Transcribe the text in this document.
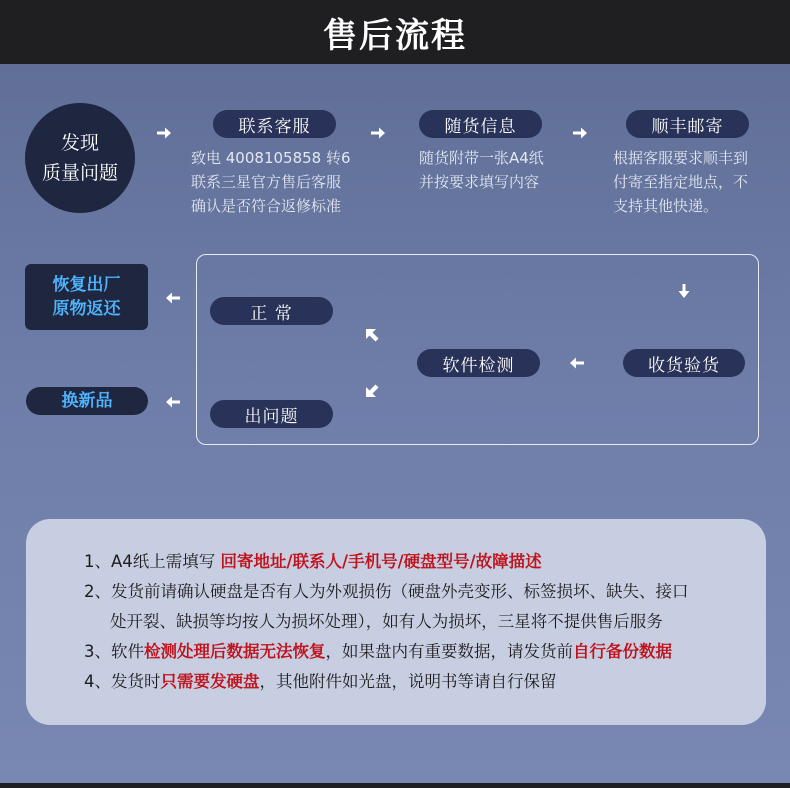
售后流程
发现
质量问题
联系客服
致电 4008105858 转6
联系三星官方售后客服
确认是否符合返修标准
随货信息
随货附带一张A4纸
并按要求填写内容
顺丰邮寄
根据客服要求顺丰到
付寄至指定地点，不
支持其他快递。
收货验货
软件检测
正 常
出问题
恢复出厂
原物返还
换新品
1、A4纸上需填写 回寄地址/联系人/手机号/硬盘型号/故障描述
2、发货前请确认硬盘是否有人为外观损伤（硬盘外壳变形、标签损坏、缺失、接口
处开裂、缺损等均按人为损坏处理），如有人为损坏，三星将不提供售后服务
3、软件检测处理后数据无法恢复，如果盘内有重要数据，请发货前自行备份数据
4、发货时只需要发硬盘，其他附件如光盘，说明书等请自行保留
